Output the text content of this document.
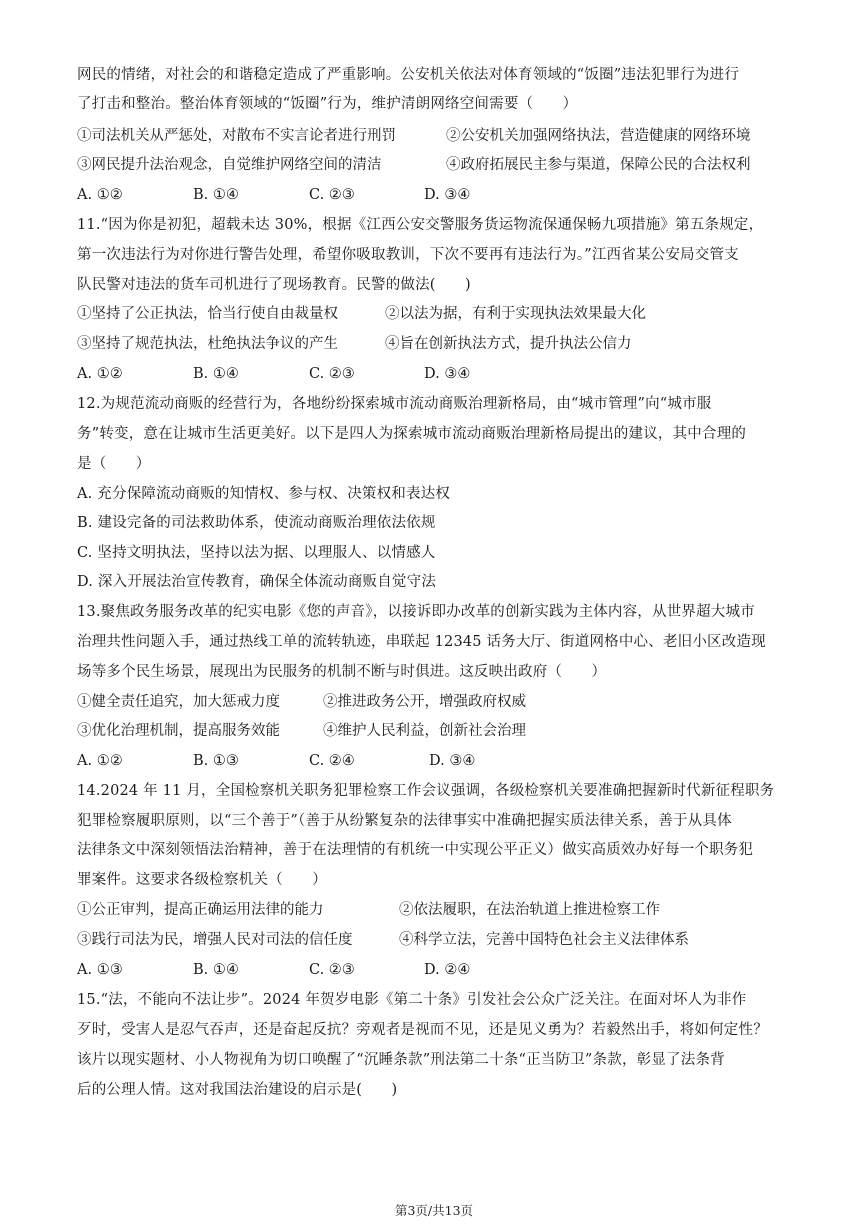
网民的情绪，对社会的和谐稳定造成了严重影响。公安机关依法对体育领域的“饭圈”违法犯罪行为进行
了打击和整治。整治体育领域的“饭圈”行为，维护清朗网络空间需要（　　）
①司法机关从严惩处，对散布不实言论者进行刑罚	②公安机关加强网络执法，营造健康的网络环境
③网民提升法治观念，自觉维护网络空间的清洁	④政府拓展民主参与渠道，保障公民的合法权利
A. ①②	B. ①④	C. ②③	D. ③④
11.“因为你是初犯，超载未达 30%，根据《江西公安交警服务货运物流保通保畅九项措施》第五条规定，
第一次违法行为对你进行警告处理，希望你吸取教训，下次不要再有违法行为。”江西省某公安局交管支
队民警对违法的货车司机进行了现场教育。民警的做法(　　)
①坚持了公正执法，恰当行使自由裁量权	②以法为据，有利于实现执法效果最大化
③坚持了规范执法，杜绝执法争议的产生	④旨在创新执法方式，提升执法公信力
A. ①②	B. ①④	C. ②③	D. ③④
12.为规范流动商贩的经营行为，各地纷纷探索城市流动商贩治理新格局，由“城市管理”向“城市服
务”转变，意在让城市生活更美好。以下是四人为探索城市流动商贩治理新格局提出的建议，其中合理的
是（　　）
A. 充分保障流动商贩的知情权、参与权、决策权和表达权
B. 建设完备的司法救助体系，使流动商贩治理依法依规
C. 坚持文明执法，坚持以法为据、以理服人、以情感人
D. 深入开展法治宣传教育，确保全体流动商贩自觉守法
13.聚焦政务服务改革的纪实电影《您的声音》，以接诉即办改革的创新实践为主体内容，从世界超大城市
治理共性问题入手，通过热线工单的流转轨迹，串联起 12345 话务大厅、街道网格中心、老旧小区改造现
场等多个民生场景，展现出为民服务的机制不断与时俱进。这反映出政府（　　）
①健全责任追究，加大惩戒力度	②推进政务公开，增强政府权威
③优化治理机制，提高服务效能	④维护人民利益，创新社会治理
A. ①②	B. ①③	C. ②④	D. ③④
14.2024 年 11 月，全国检察机关职务犯罪检察工作会议强调，各级检察机关要准确把握新时代新征程职务
犯罪检察履职原则，以“三个善于”（善于从纷繁复杂的法律事实中准确把握实质法律关系，善于从具体
法律条文中深刻领悟法治精神，善于在法理情的有机统一中实现公平正义）做实高质效办好每一个职务犯
罪案件。这要求各级检察机关（　　）
①公正审判，提高正确运用法律的能力	②依法履职，在法治轨道上推进检察工作
③践行司法为民，增强人民对司法的信任度	④科学立法，完善中国特色社会主义法律体系
A. ①③	B. ①④	C. ②③	D. ②④
15.“法，不能向不法让步”。2024 年贺岁电影《第二十条》引发社会公众广泛关注。在面对坏人为非作
歹时，受害人是忍气吞声，还是奋起反抗？旁观者是视而不见，还是见义勇为？若毅然出手，将如何定性？
该片以现实题材、小人物视角为切口唤醒了“沉睡条款”刑法第二十条“正当防卫”条款，彰显了法条背
后的公理人情。这对我国法治建设的启示是(　　)
第3页/共13页
